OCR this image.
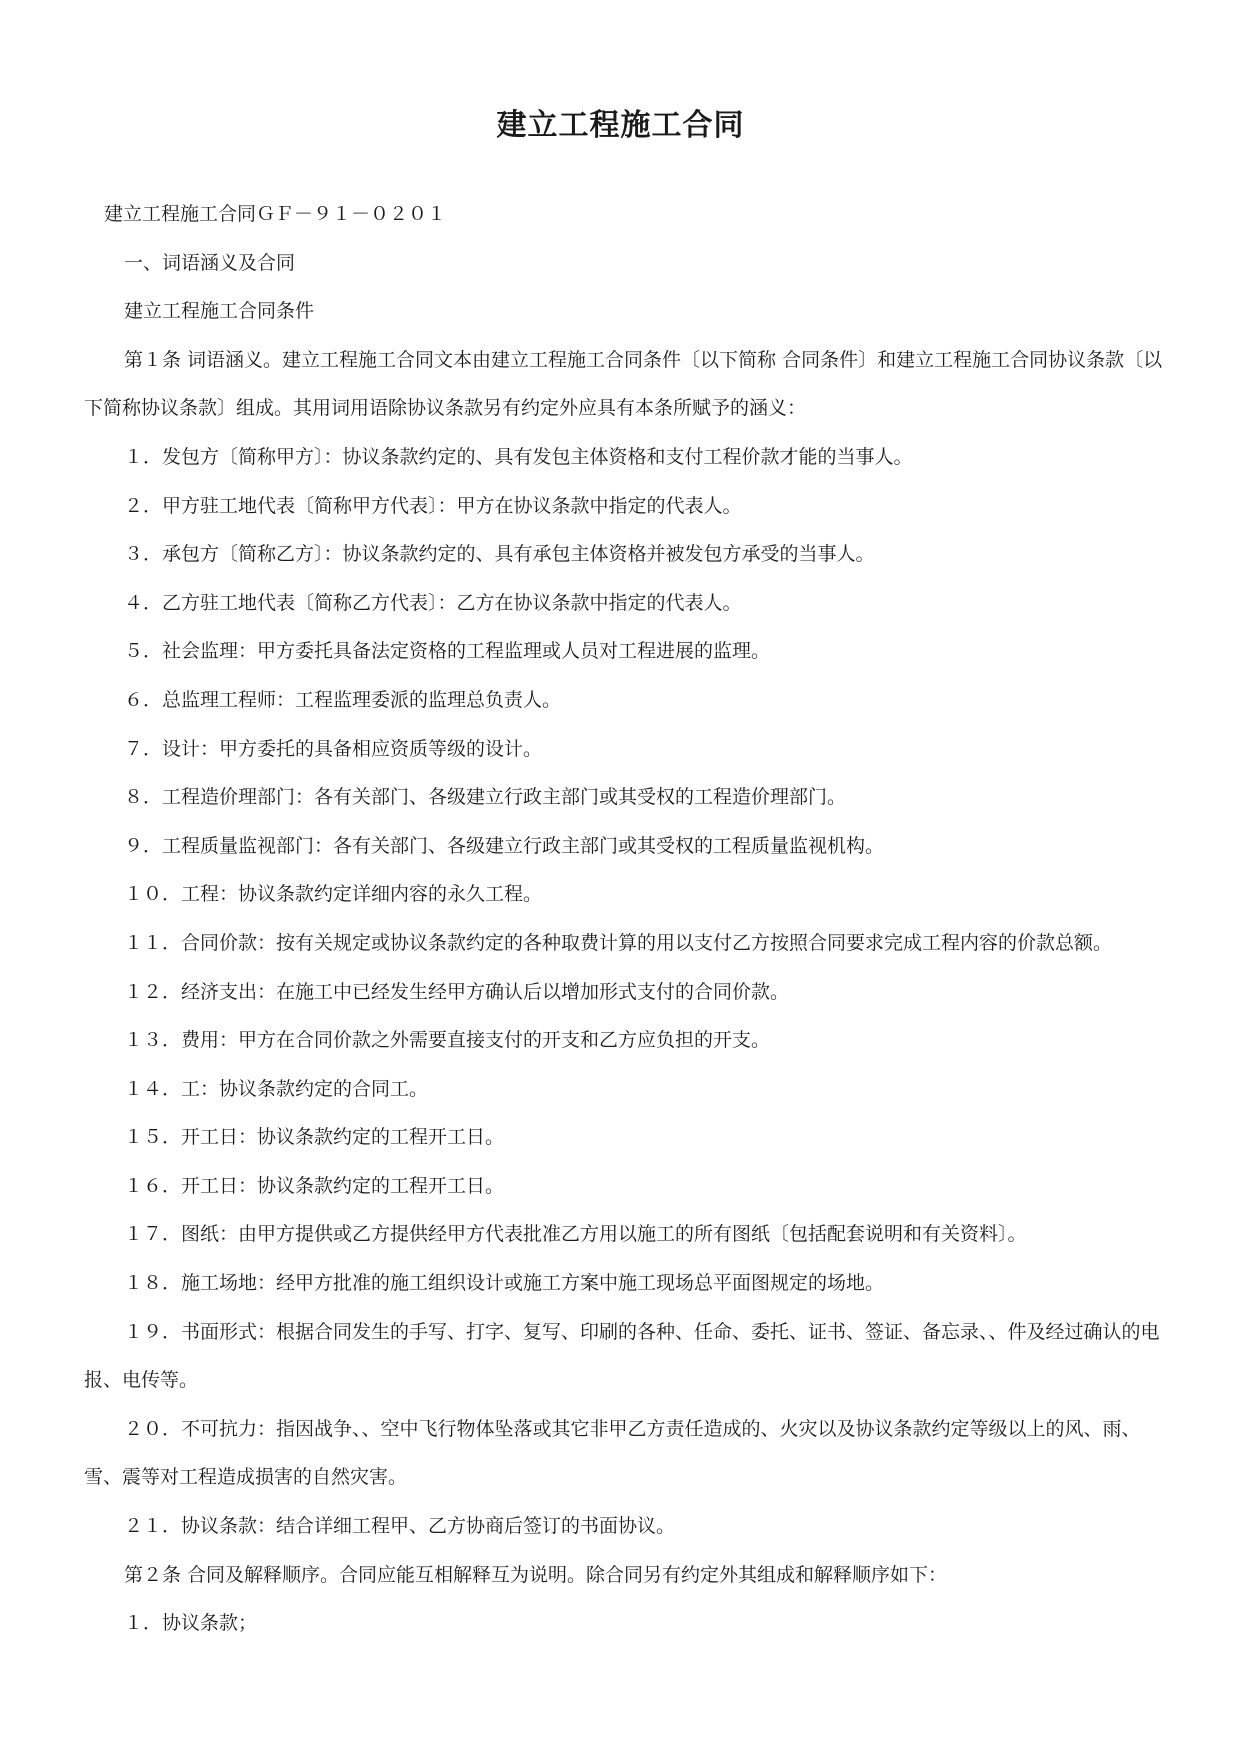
建立工程施工合同

建立工程施工合同ＧＦ－９１－０２０１

一、词语涵义及合同

建立工程施工合同条件

第１条 词语涵义。建立工程施工合同文本由建立工程施工合同条件〔以下简称 合同条件〕和建立工程施工合同协议条款〔以下简称协议条款〕组成。其用词用语除协议条款另有约定外应具有本条所赋予的涵义：

１．发包方〔简称甲方〕：协议条款约定的、具有发包主体资格和支付工程价款才能的当事人。

２．甲方驻工地代表〔简称甲方代表〕：甲方在协议条款中指定的代表人。

３．承包方〔简称乙方〕：协议条款约定的、具有承包主体资格并被发包方承受的当事人。

４．乙方驻工地代表〔简称乙方代表〕：乙方在协议条款中指定的代表人。

５．社会监理：甲方委托具备法定资格的工程监理或人员对工程进展的监理。

６．总监理工程师：工程监理委派的监理总负责人。

７．设计：甲方委托的具备相应资质等级的设计。

８．工程造价理部门：各有关部门、各级建立行政主部门或其受权的工程造价理部门。

９．工程质量监视部门：各有关部门、各级建立行政主部门或其受权的工程质量监视机构。

１０．工程：协议条款约定详细内容的永久工程。

１１．合同价款：按有关规定或协议条款约定的各种取费计算的用以支付乙方按照合同要求完成工程内容的价款总额。

１２．经济支出：在施工中已经发生经甲方确认后以增加形式支付的合同价款。

１３．费用：甲方在合同价款之外需要直接支付的开支和乙方应负担的开支。

１４．工：协议条款约定的合同工。

１５．开工日：协议条款约定的工程开工日。

１６．开工日：协议条款约定的工程开工日。

１７．图纸：由甲方提供或乙方提供经甲方代表批准乙方用以施工的所有图纸〔包括配套说明和有关资料〕。

１８．施工场地：经甲方批准的施工组织设计或施工方案中施工现场总平面图规定的场地。

１９．书面形式：根据合同发生的手写、打字、复写、印刷的各种、任命、委托、证书、签证、备忘录、、件及经过确认的电报、电传等。

２０．不可抗力：指因战争、、空中飞行物体坠落或其它非甲乙方责任造成的、火灾以及协议条款约定等级以上的风、雨、雪、震等对工程造成损害的自然灾害。

２１．协议条款：结合详细工程甲、乙方协商后签订的书面协议。

第２条 合同及解释顺序。合同应能互相解释互为说明。除合同另有约定外其组成和解释顺序如下：

１．协议条款；
